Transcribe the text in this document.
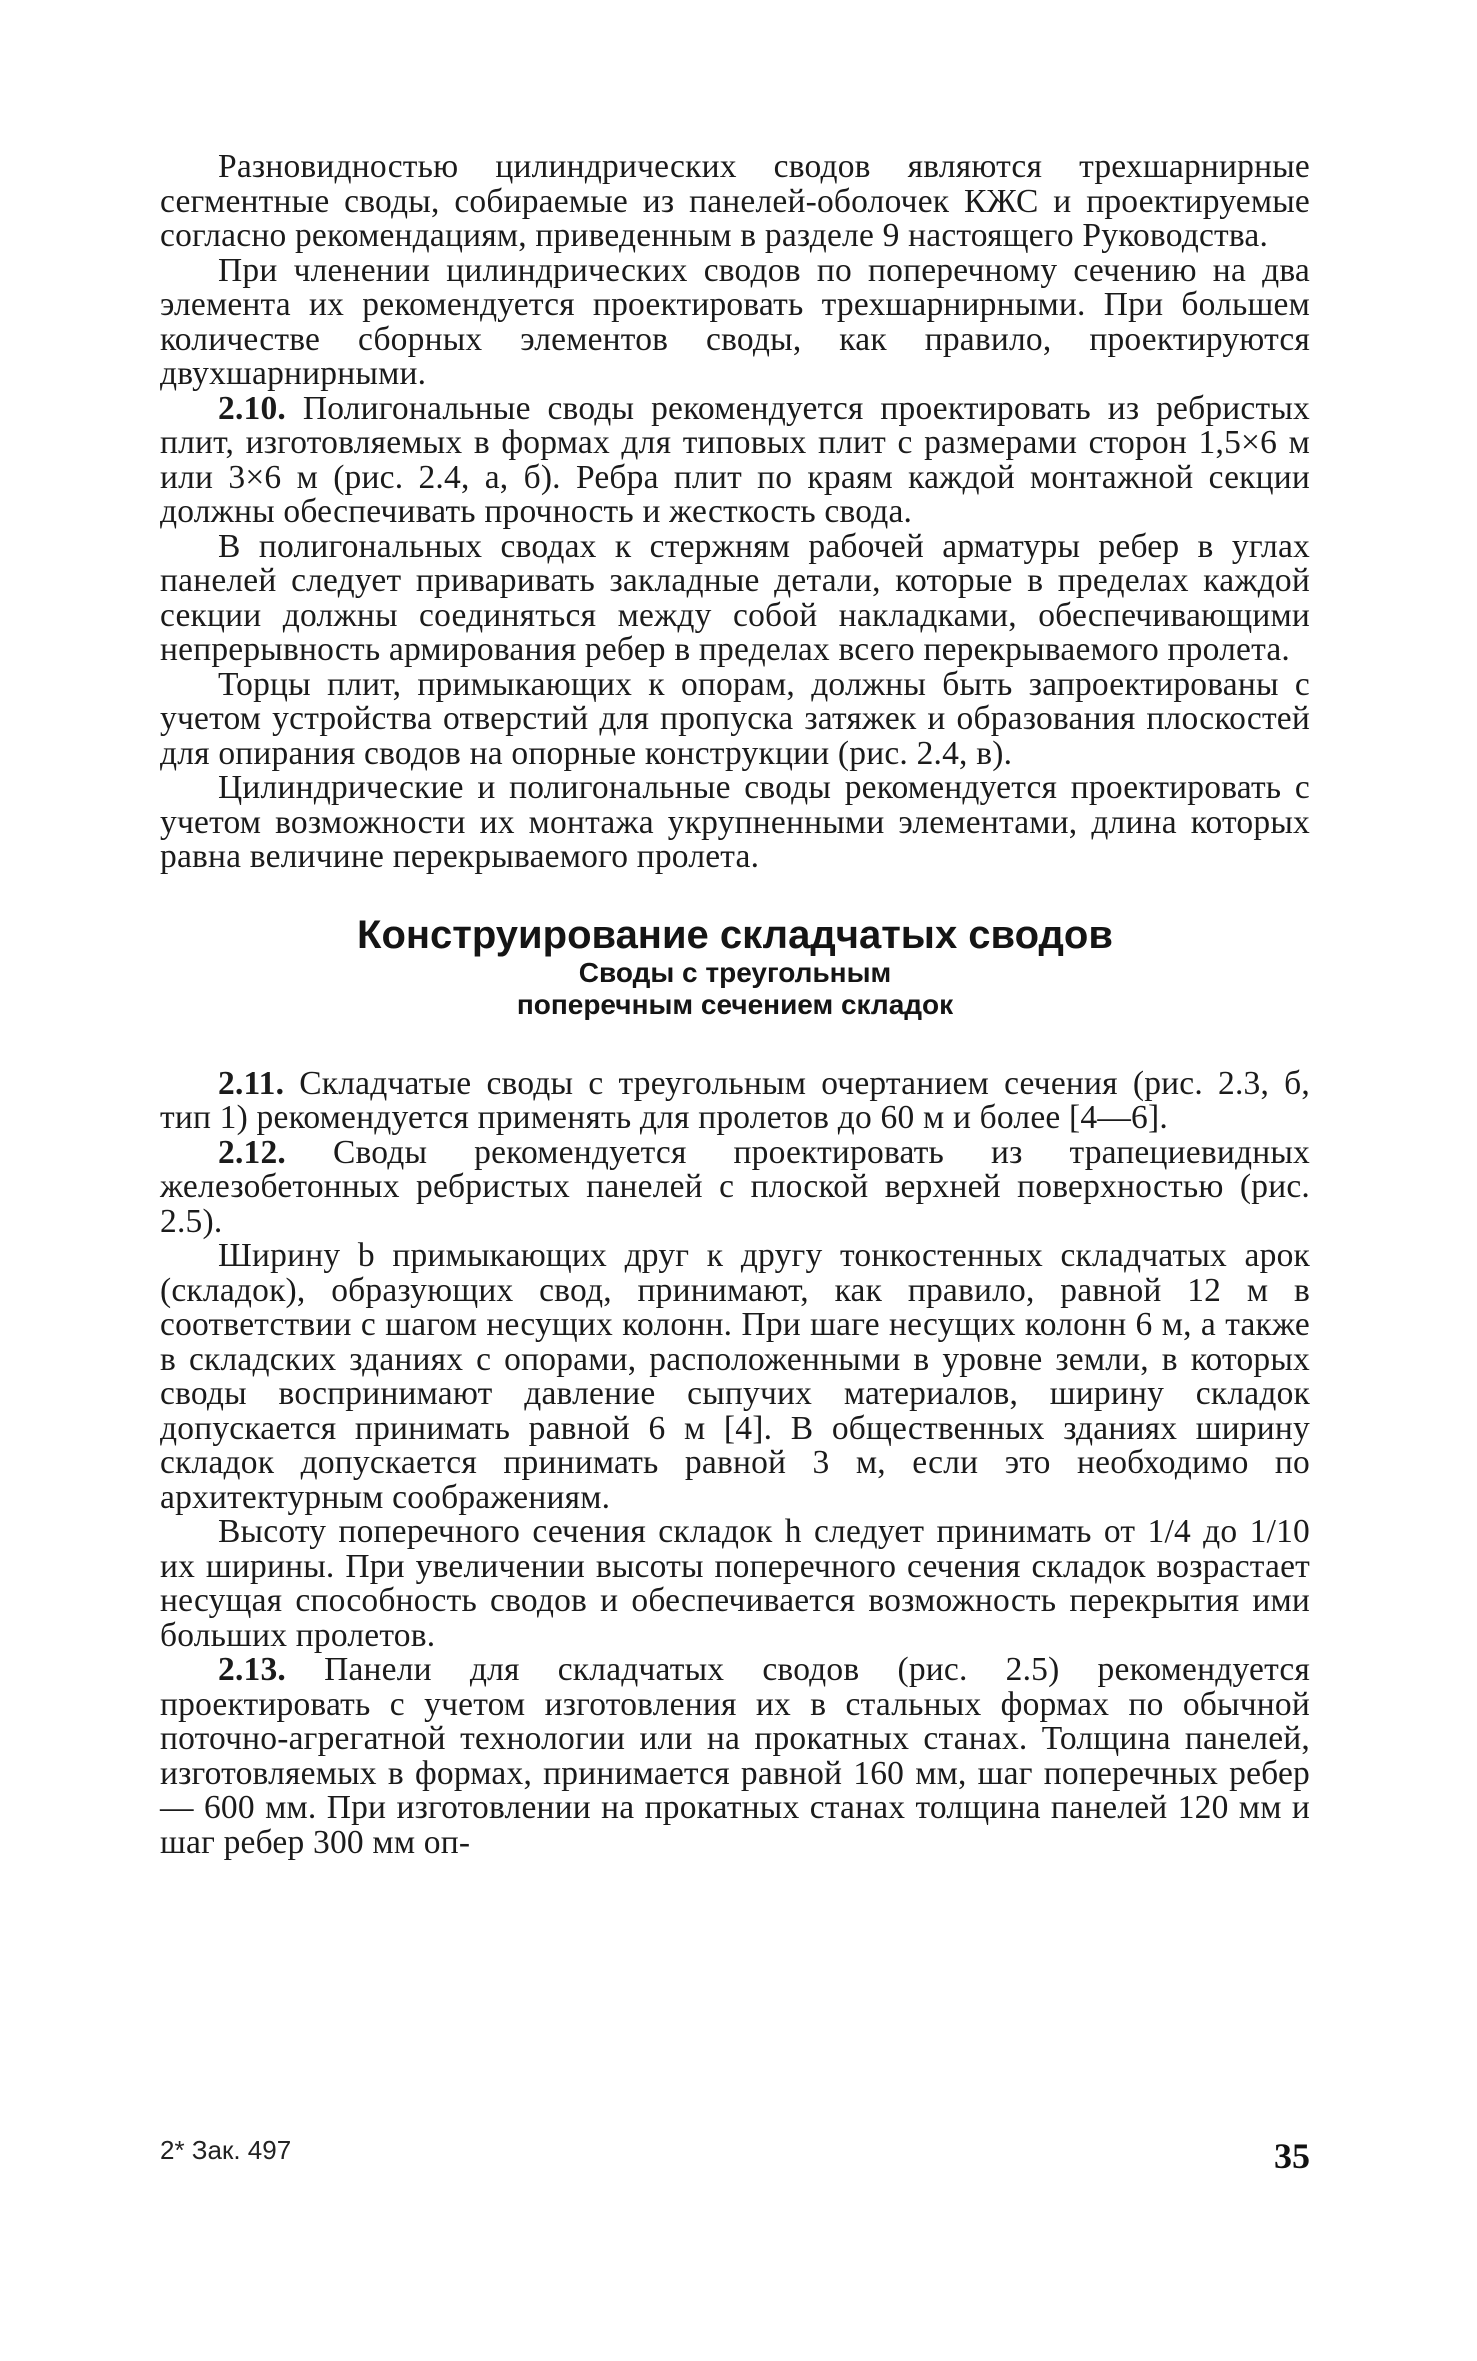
Разновидностью цилиндрических сводов являются трехшарнирные сегментные своды, собираемые из панелей-оболочек КЖС и проектируемые согласно рекомендациям, приведенным в разделе 9 настоящего Руководства.

При членении цилиндрических сводов по поперечному сечению на два элемента их рекомендуется проектировать трехшарнирными. При большем количестве сборных элементов своды, как правило, проектируются двухшарнирными.

2.10. Полигональные своды рекомендуется проектировать из ребристых плит, изготовляемых в формах для типовых плит с размерами сторон 1,5×6 м или 3×6 м (рис. 2.4, а, б). Ребра плит по краям каждой монтажной секции должны обеспечивать прочность и жесткость свода.

В полигональных сводах к стержням рабочей арматуры ребер в углах панелей следует приваривать закладные детали, которые в пределах каждой секции должны соединяться между собой накладками, обеспечивающими непрерывность армирования ребер в пределах всего перекрываемого пролета.

Торцы плит, примыкающих к опорам, должны быть запроектированы с учетом устройства отверстий для пропуска затяжек и образования плоскостей для опирания сводов на опорные конструкции (рис. 2.4, в).

Цилиндрические и полигональные своды рекомендуется проектировать с учетом возможности их монтажа укрупненными элементами, длина которых равна величине перекрываемого пролета.

Конструирование складчатых сводов
Своды с треугольным
поперечным сечением складок

2.11. Складчатые своды с треугольным очертанием сечения (рис. 2.3, б, тип 1) рекомендуется применять для пролетов до 60 м и более [4—6].

2.12. Своды рекомендуется проектировать из трапециевидных железобетонных ребристых панелей с плоской верхней поверхностью (рис. 2.5).

Ширину b примыкающих друг к другу тонкостенных складчатых арок (складок), образующих свод, принимают, как правило, равной 12 м в соответствии с шагом несущих колонн. При шаге несущих колонн 6 м, а также в складских зданиях с опорами, расположенными в уровне земли, в которых своды воспринимают давление сыпучих материалов, ширину складок допускается принимать равной 6 м [4]. В общественных зданиях ширину складок допускается принимать равной 3 м, если это необходимо по архитектурным соображениям.

Высоту поперечного сечения складок h следует принимать от 1/4 до 1/10 их ширины. При увеличении высоты поперечного сечения складок возрастает несущая способность сводов и обеспечивается возможность перекрытия ими больших пролетов.

2.13. Панели для складчатых сводов (рис. 2.5) рекомендуется проектировать с учетом изготовления их в стальных формах по обычной поточно-агрегатной технологии или на прокатных станах. Толщина панелей, изготовляемых в формах, принимается равной 160 мм, шаг поперечных ребер — 600 мм. При изготовлении на прокатных станах толщина панелей 120 мм и шаг ребер 300 мм оп-

2* Зак. 497	35
